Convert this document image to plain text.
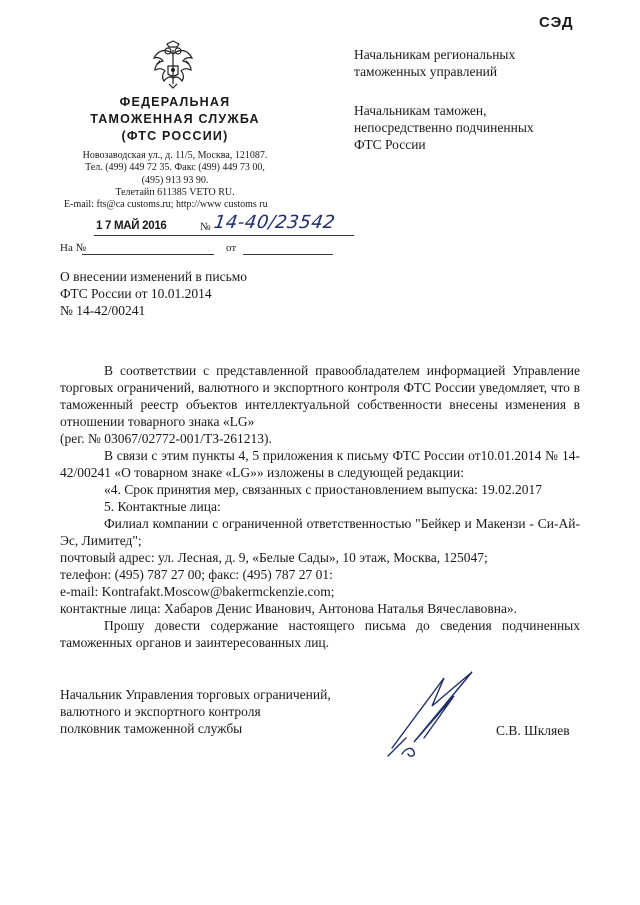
СЭД
ФЕДЕРАЛЬНАЯ
ТАМОЖЕННАЯ СЛУЖБА
(ФТС РОССИИ)
Новозаводская ул., д. 11/5, Москва, 121087.
Тел. (499) 449 72 35. Факс (499) 449 73 00,
(495) 913 93 90.
Телетайп 611385 VETO RU.
E-mail: fts@ca customs.ru; http://www customs ru
Начальникам региональных
таможенных управлений
Начальникам таможен,
непосредственно подчиненных
ФТС России
1 7 МАЙ 2016	№ 14-40/23542
На №	от
О внесении изменений в письмо
ФТС России от 10.01.2014
№ 14-42/00241

В соответствии с представленной правообладателем информацией Управление торговых ограничений, валютного и экспортного контроля ФТС России уведомляет, что в таможенный реестр объектов интеллектуальной собственности внесены изменения в отношении товарного знака «LG»

(рег. № 03067/02772-001/ТЗ-261213).

В связи с этим пункты 4, 5 приложения к письму ФТС России от10.01.2014 № 14-42/00241 «О товарном знаке «LG»» изложены в следующей редакции:

«4. Срок принятия мер, связанных с приостановлением выпуска: 19.02.2017

5. Контактные лица:

Филиал компании с ограниченной ответственностью "Бейкер и Макензи - Си-Ай-Эс, Лимитед";

почтовый адрес: ул. Лесная, д. 9, «Белые Сады», 10 этаж, Москва, 125047;

телефон: (495) 787 27 00; факс: (495) 787 27 01:

e-mail: Kontrafakt.Moscow@bakermckenzie.com;

контактные лица: Хабаров Денис Иванович, Антонова Наталья Вячеславовна».

Прошу довести содержание настоящего письма до сведения подчиненных таможенных органов и заинтересованных лиц.

Начальник Управления торговых ограничений,
валютного и экспортного контроля
полковник таможенной службы	С.В. Шкляев
